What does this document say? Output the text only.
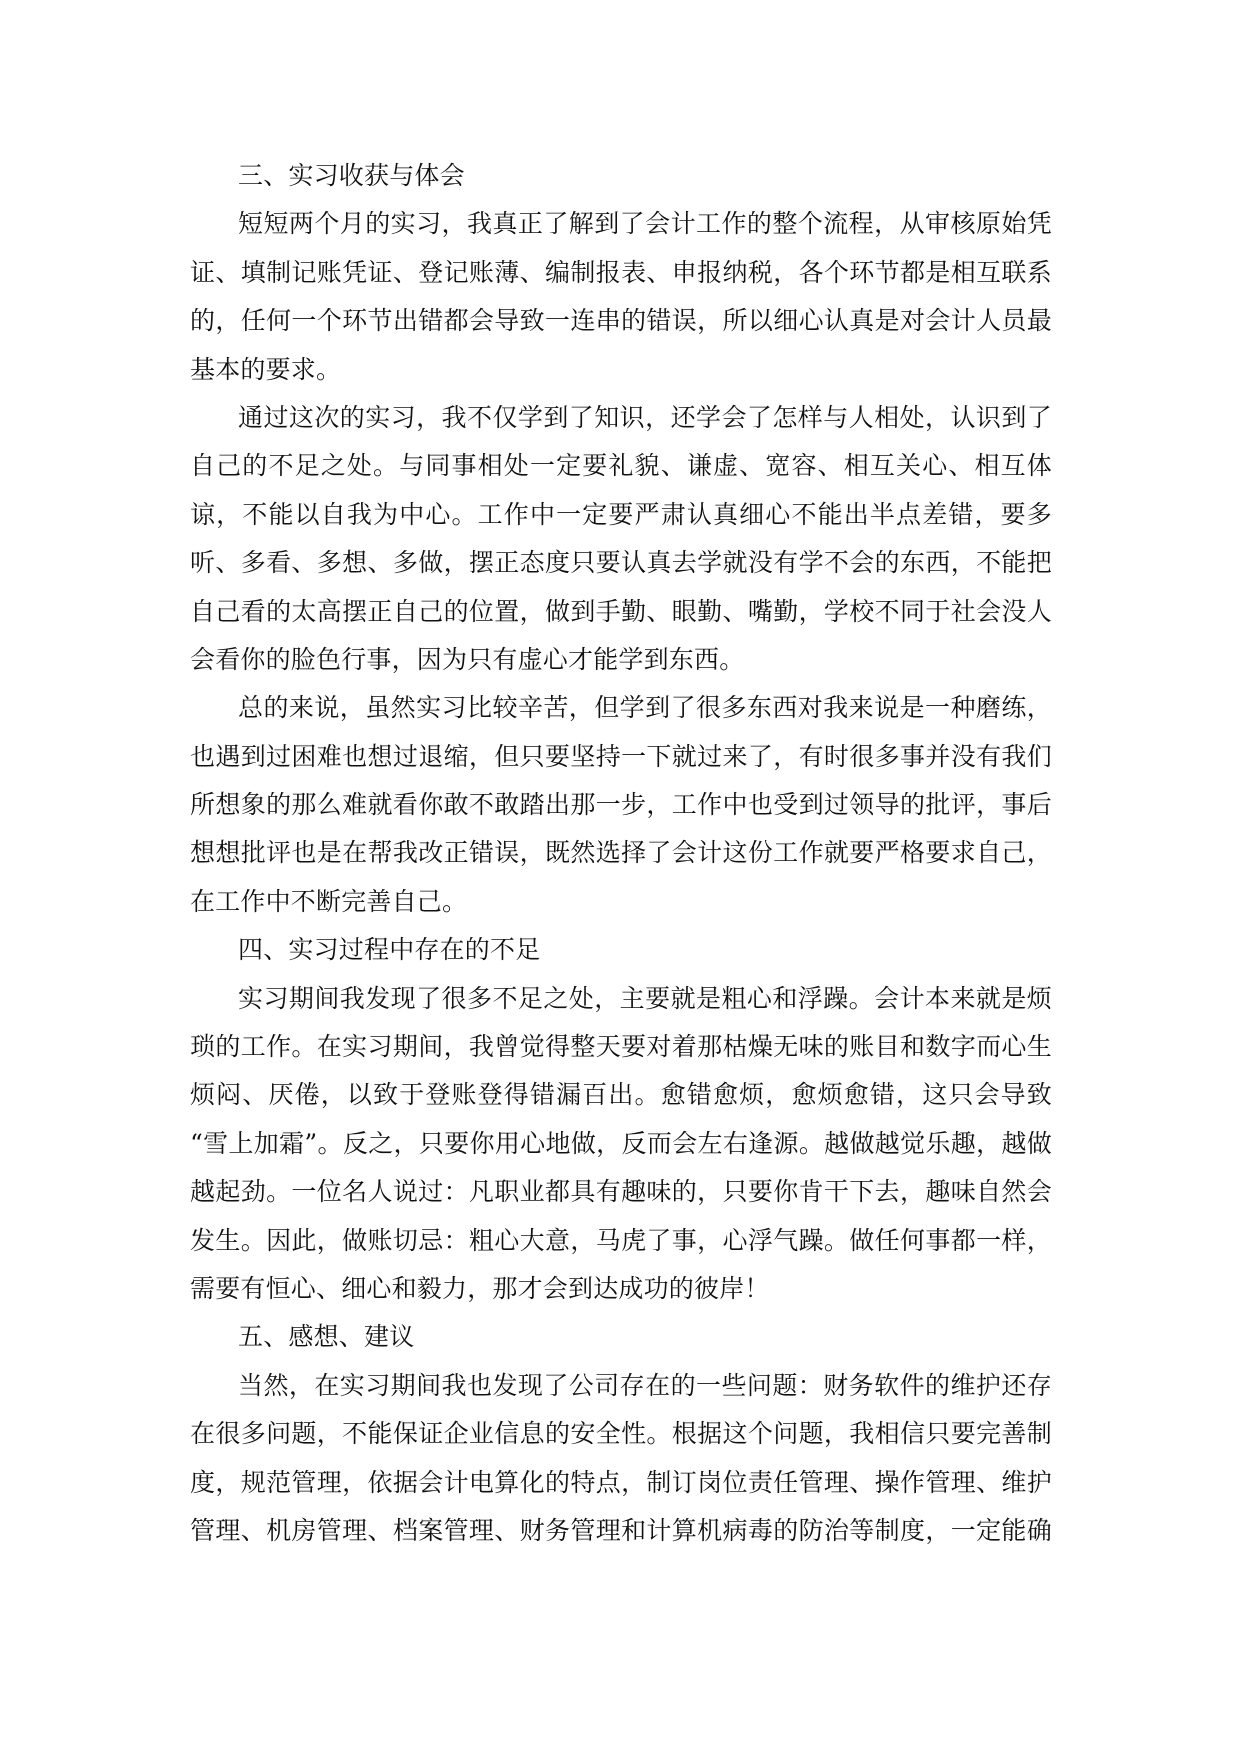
三、实习收获与体会
短短两个月的实习，我真正了解到了会计工作的整个流程，从审核原始凭
证、填制记账凭证、登记账薄、编制报表、申报纳税，各个环节都是相互联系
的，任何一个环节出错都会导致一连串的错误，所以细心认真是对会计人员最
基本的要求。
通过这次的实习，我不仅学到了知识，还学会了怎样与人相处，认识到了
自己的不足之处。与同事相处一定要礼貌、谦虚、宽容、相互关心、相互体
谅，不能以自我为中心。工作中一定要严肃认真细心不能出半点差错，要多
听、多看、多想、多做，摆正态度只要认真去学就没有学不会的东西，不能把
自己看的太高摆正自己的位置，做到手勤、眼勤、嘴勤，学校不同于社会没人
会看你的脸色行事，因为只有虚心才能学到东西。
总的来说，虽然实习比较辛苦，但学到了很多东西对我来说是一种磨练，
也遇到过困难也想过退缩，但只要坚持一下就过来了，有时很多事并没有我们
所想象的那么难就看你敢不敢踏出那一步，工作中也受到过领导的批评，事后
想想批评也是在帮我改正错误，既然选择了会计这份工作就要严格要求自己，
在工作中不断完善自己。
四、实习过程中存在的不足
实习期间我发现了很多不足之处，主要就是粗心和浮躁。会计本来就是烦
琐的工作。在实习期间，我曾觉得整天要对着那枯燥无味的账目和数字而心生
烦闷、厌倦，以致于登账登得错漏百出。愈错愈烦，愈烦愈错，这只会导致
“雪上加霜”。反之，只要你用心地做，反而会左右逢源。越做越觉乐趣，越做
越起劲。一位名人说过：凡职业都具有趣味的，只要你肯干下去，趣味自然会
发生。因此，做账切忌：粗心大意，马虎了事，心浮气躁。做任何事都一样，
需要有恒心、细心和毅力，那才会到达成功的彼岸！
五、感想、建议
当然，在实习期间我也发现了公司存在的一些问题：财务软件的维护还存
在很多问题，不能保证企业信息的安全性。根据这个问题，我相信只要完善制
度，规范管理，依据会计电算化的特点，制订岗位责任管理、操作管理、维护
管理、机房管理、档案管理、财务管理和计算机病毒的防治等制度，一定能确
